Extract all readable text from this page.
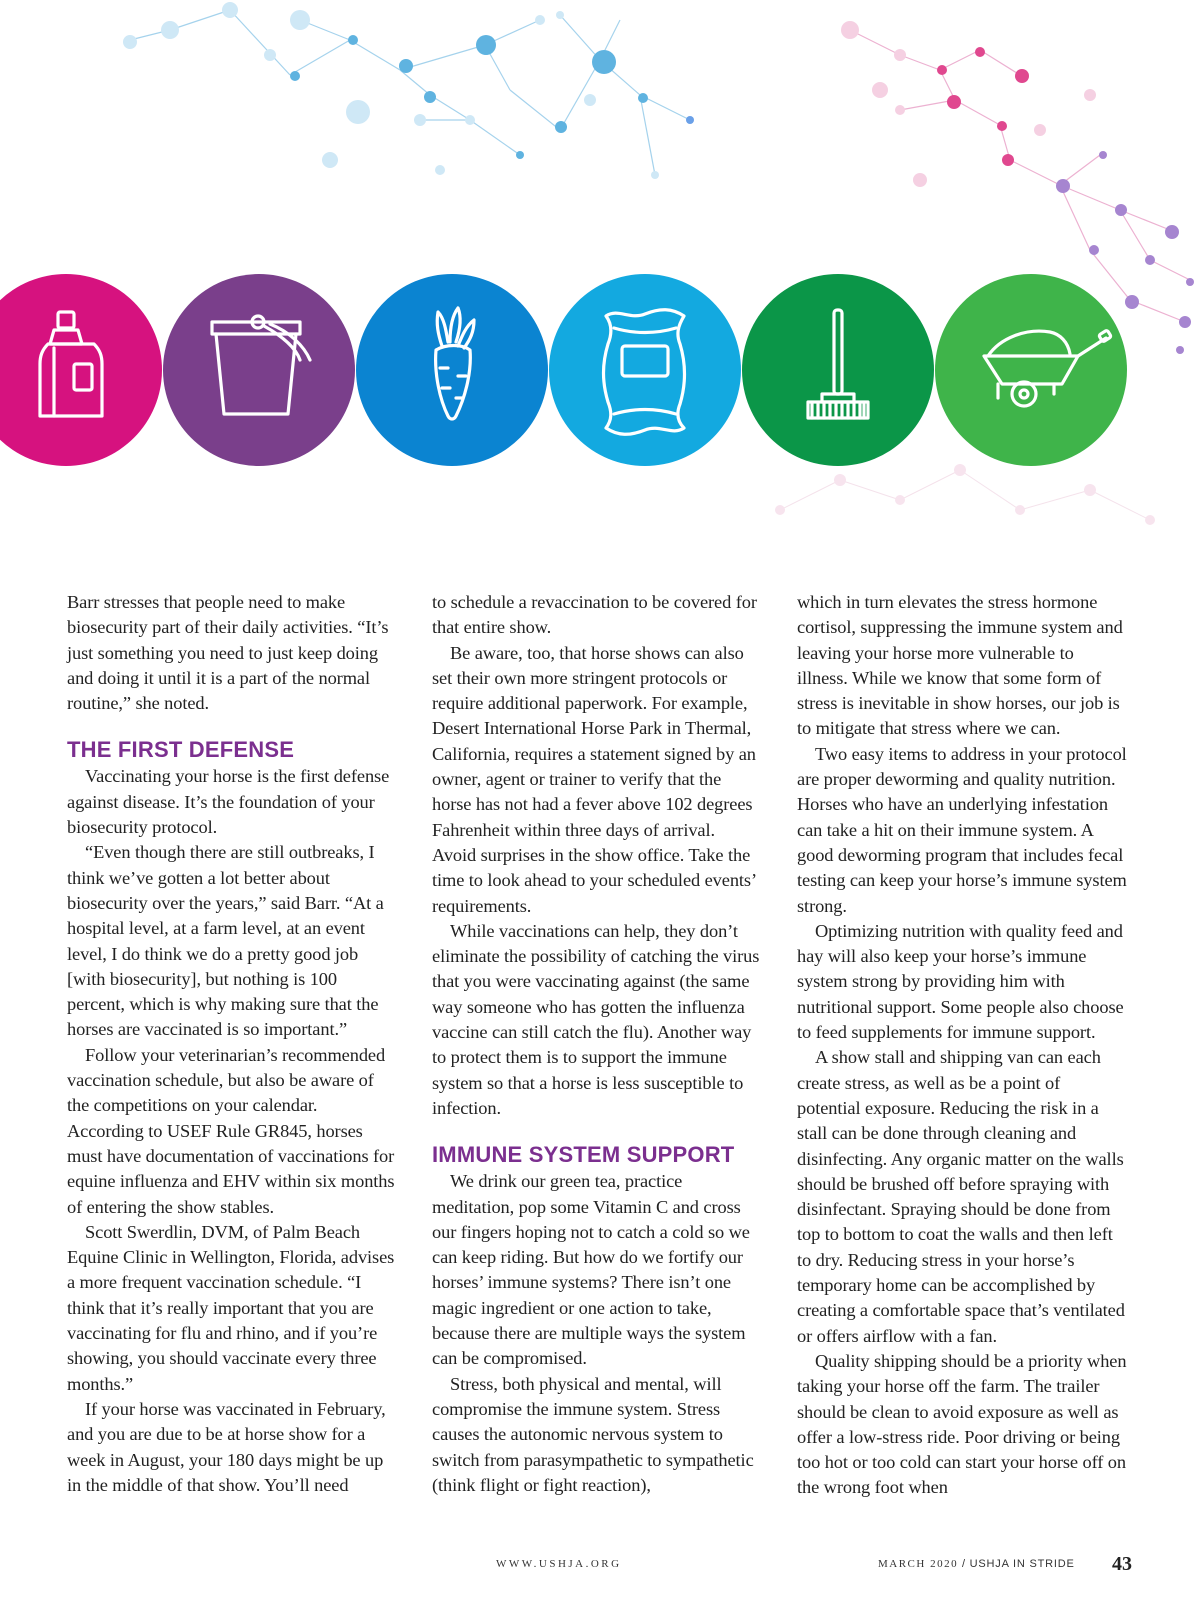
Barr stresses that people need to make biosecurity part of their daily activities. “It’s just something you need to just keep doing and doing it until it is a part of the normal routine,” she noted.

THE FIRST DEFENSE

Vaccinating your horse is the first defense against disease. It’s the foundation of your biosecurity protocol.

“Even though there are still outbreaks, I think we’ve gotten a lot better about biosecurity over the years,” said Barr. “At a hospital level, at a farm level, at an event level, I do think we do a pretty good job [with biosecurity], but nothing is 100 percent, which is why making sure that the horses are vaccinated is so important.”

Follow your veterinarian’s recommended vaccination schedule, but also be aware of the competitions on your calendar. According to USEF Rule GR845, horses must have documentation of vaccinations for equine influenza and EHV within six months of entering the show stables.

Scott Swerdlin, DVM, of Palm Beach Equine Clinic in Wellington, Florida, advises a more frequent vaccination schedule. “I think that it’s really important that you are vaccinating for flu and rhino, and if you’re showing, you should vaccinate every three months.”

If your horse was vaccinated in February, and you are due to be at horse show for a week in August, your 180 days might be up in the middle of that show. You’ll need

to schedule a revaccination to be covered for that entire show.

Be aware, too, that horse shows can also set their own more stringent protocols or require additional paperwork. For example, Desert International Horse Park in Thermal, California, requires a statement signed by an owner, agent or trainer to verify that the horse has not had a fever above 102 degrees Fahrenheit within three days of arrival. Avoid surprises in the show office. Take the time to look ahead to your scheduled events’ requirements.

While vaccinations can help, they don’t eliminate the possibility of catching the virus that you were vaccinating against (the same way someone who has gotten the influenza vaccine can still catch the flu). Another way to protect them is to support the immune system so that a horse is less susceptible to infection.

IMMUNE SYSTEM SUPPORT

We drink our green tea, practice meditation, pop some Vitamin C and cross our fingers hoping not to catch a cold so we can keep riding. But how do we fortify our horses’ immune systems? There isn’t one magic ingredient or one action to take, because there are multiple ways the system can be compromised.

Stress, both physical and mental, will compromise the immune system. Stress causes the autonomic nervous system to switch from parasympathetic to sympathetic (think flight or fight reaction),

which in turn elevates the stress hormone cortisol, suppressing the immune system and leaving your horse more vulnerable to illness. While we know that some form of stress is inevitable in show horses, our job is to mitigate that stress where we can.

Two easy items to address in your protocol are proper deworming and quality nutrition. Horses who have an underlying infestation can take a hit on their immune system. A good deworming program that includes fecal testing can keep your horse’s immune system strong.

Optimizing nutrition with quality feed and hay will also keep your horse’s immune system strong by providing him with nutritional support. Some people also choose to feed supplements for immune support.

A show stall and shipping van can each create stress, as well as be a point of potential exposure. Reducing the risk in a stall can be done through cleaning and disinfecting. Any organic matter on the walls should be brushed off before spraying with disinfectant. Spraying should be done from top to bottom to coat the walls and then left to dry. Reducing stress in your horse’s temporary home can be accomplished by creating a comfortable space that’s ventilated or offers airflow with a fan.

Quality shipping should be a priority when taking your horse off the farm. The trailer should be clean to avoid exposure as well as offer a low-stress ride. Poor driving or being too hot or too cold can start your horse off on the wrong foot when

WWW.USHJA.ORG	MARCH 2020 / USHJA IN STRIDE 43
